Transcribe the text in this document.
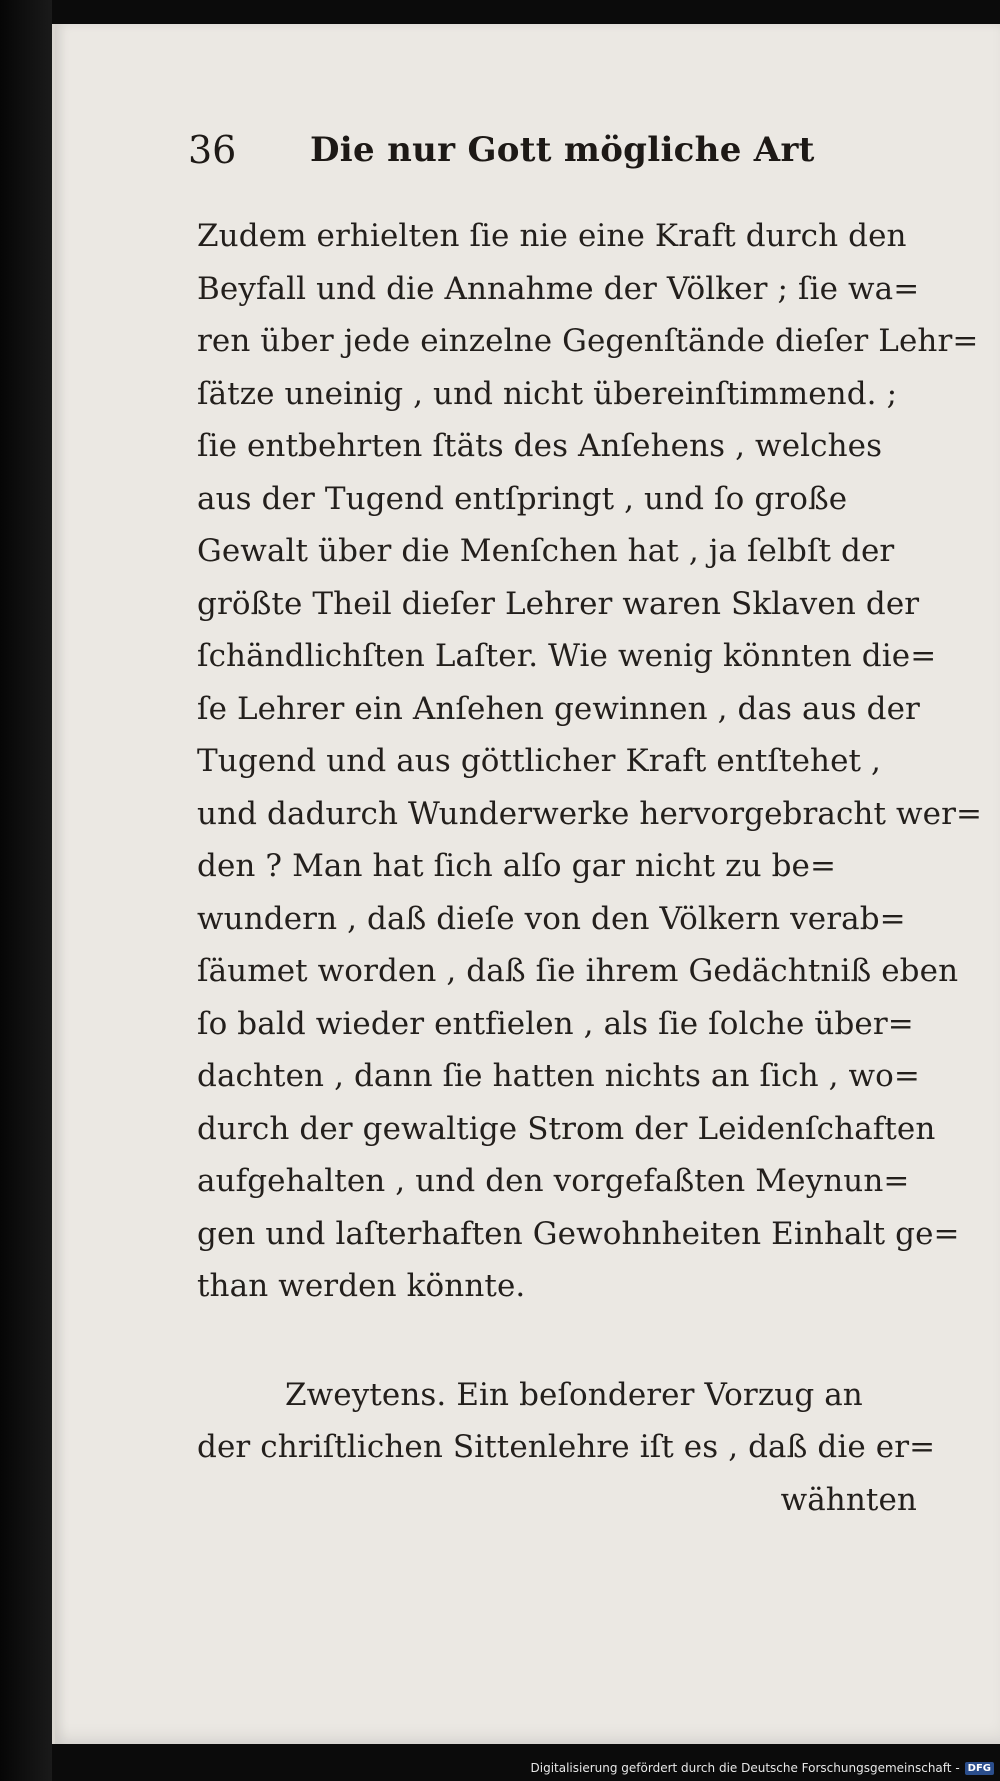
36 Die nur Gott mögliche Art
Zudem erhielten ſie nie eine Kraft durch den
Beyfall und die Annahme der Völker ; ſie wa=
ren über jede einzelne Gegenſtände dieſer Lehr=
ſätze uneinig , und nicht übereinſtimmend. ;
ſie entbehrten ſtäts des Anſehens , welches
aus der Tugend entſpringt , und ſo große
Gewalt über die Menſchen hat , ja ſelbſt der
größte Theil dieſer Lehrer waren Sklaven der
ſchändlichſten Laſter. Wie wenig könnten die=
ſe Lehrer ein Anſehen gewinnen , das aus der
Tugend und aus göttlicher Kraft entſtehet ,
und dadurch Wunderwerke hervorgebracht wer=
den ? Man hat ſich alſo gar nicht zu be=
wundern , daß dieſe von den Völkern verab=
ſäumet worden , daß ſie ihrem Gedächtniß eben
ſo bald wieder entfielen , als ſie ſolche über=
dachten , dann ſie hatten nichts an ſich , wo=
durch der gewaltige Strom der Leidenſchaften
aufgehalten , und den vorgefaßten Meynun=
gen und laſterhaften Gewohnheiten Einhalt ge=
than werden könnte.
Zweytens. Ein beſonderer Vorzug an
der chriſtlichen Sittenlehre iſt es , daß die er=
wähnten
Digitalisierung gefördert durch die Deutsche Forschungsgemeinschaft - DFG
